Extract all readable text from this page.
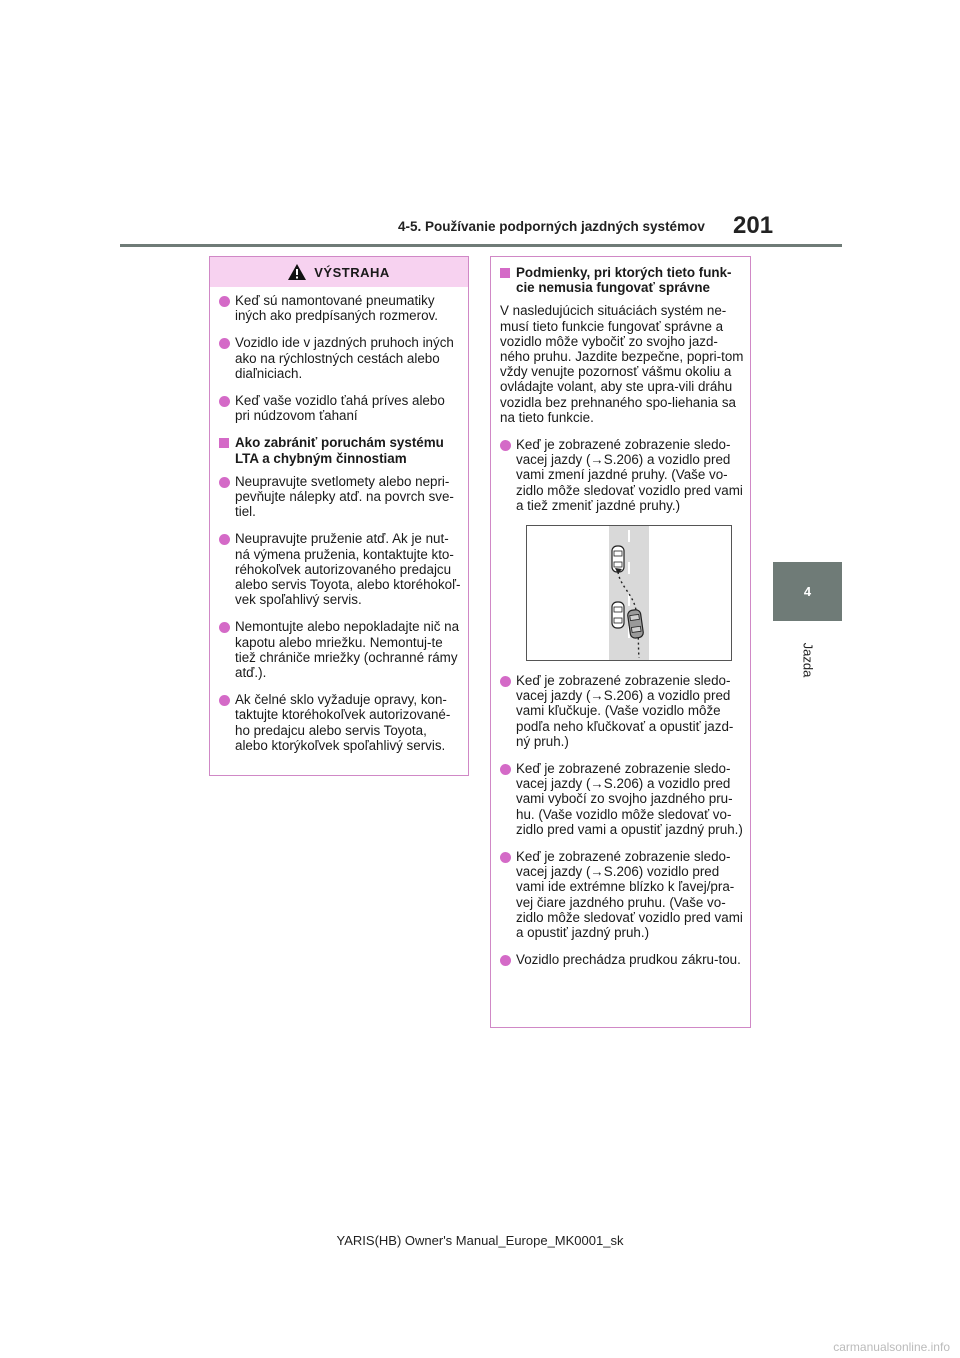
4-5. Používanie podporných jazdných systémov 201
4
Jazda
VÝSTRAHA
Keď sú namontované pneumatiky iných ako predpísaných rozmerov.
Vozidlo ide v jazdných pruhoch iných ako na rýchlostných cestách alebo diaľniciach.
Keď vaše vozidlo ťahá príves alebo pri núdzovom ťahaní
Ako zabrániť poruchám systému LTA a chybným činnostiam
Neupravujte svetlomety alebo nepri-pevňujte nálepky atď. na povrch sve-tiel.
Neupravujte pruženie atď. Ak je nut-ná výmena pruženia, kontaktujte kto-réhokoľvek autorizovaného predajcu alebo servis Toyota, alebo ktoréhokoľ-vek spoľahlivý servis.
Nemontujte alebo nepokladajte nič na kapotu alebo mriežku. Nemontuj-te tiež chrániče mriežky (ochranné rámy atď.).
Ak čelné sklo vyžaduje opravy, kon-taktujte ktoréhokoľvek autorizované-ho predajcu alebo servis Toyota, alebo ktorýkoľvek spoľahlivý servis.
Podmienky, pri ktorých tieto funk-cie nemusia fungovať správne
V nasledujúcich situáciách systém ne-musí tieto funkcie fungovať správne a vozidlo môže vybočiť zo svojho jazd-ného pruhu. Jazdite bezpečne, popri-tom vždy venujte pozornosť vášmu okoliu a ovládajte volant, aby ste upra-vili dráhu vozidla bez prehnaného spo-liehania sa na tieto funkcie.
Keď je zobrazené zobrazenie sledo-vacej jazdy (→S.206) a vozidlo pred vami zmení jazdné pruhy. (Vaše vo-zidlo môže sledovať vozidlo pred vami a tiež zmeniť jazdné pruhy.)
Keď je zobrazené zobrazenie sledo-vacej jazdy (→S.206) a vozidlo pred vami kľučkuje. (Vaše vozidlo môže podľa neho kľučkovať a opustiť jazd-ný pruh.)
Keď je zobrazené zobrazenie sledo-vacej jazdy (→S.206) a vozidlo pred vami vybočí zo svojho jazdného pru-hu. (Vaše vozidlo môže sledovať vo-zidlo pred vami a opustiť jazdný pruh.)
Keď je zobrazené zobrazenie sledo-vacej jazdy (→S.206) vozidlo pred vami ide extrémne blízko k ľavej/pra-vej čiare jazdného pruhu. (Vaše vo-zidlo môže sledovať vozidlo pred vami a opustiť jazdný pruh.)
Vozidlo prechádza prudkou zákru-tou.
YARIS(HB) Owner's Manual_Europe_MK0001_sk
carmanualsonline.info
